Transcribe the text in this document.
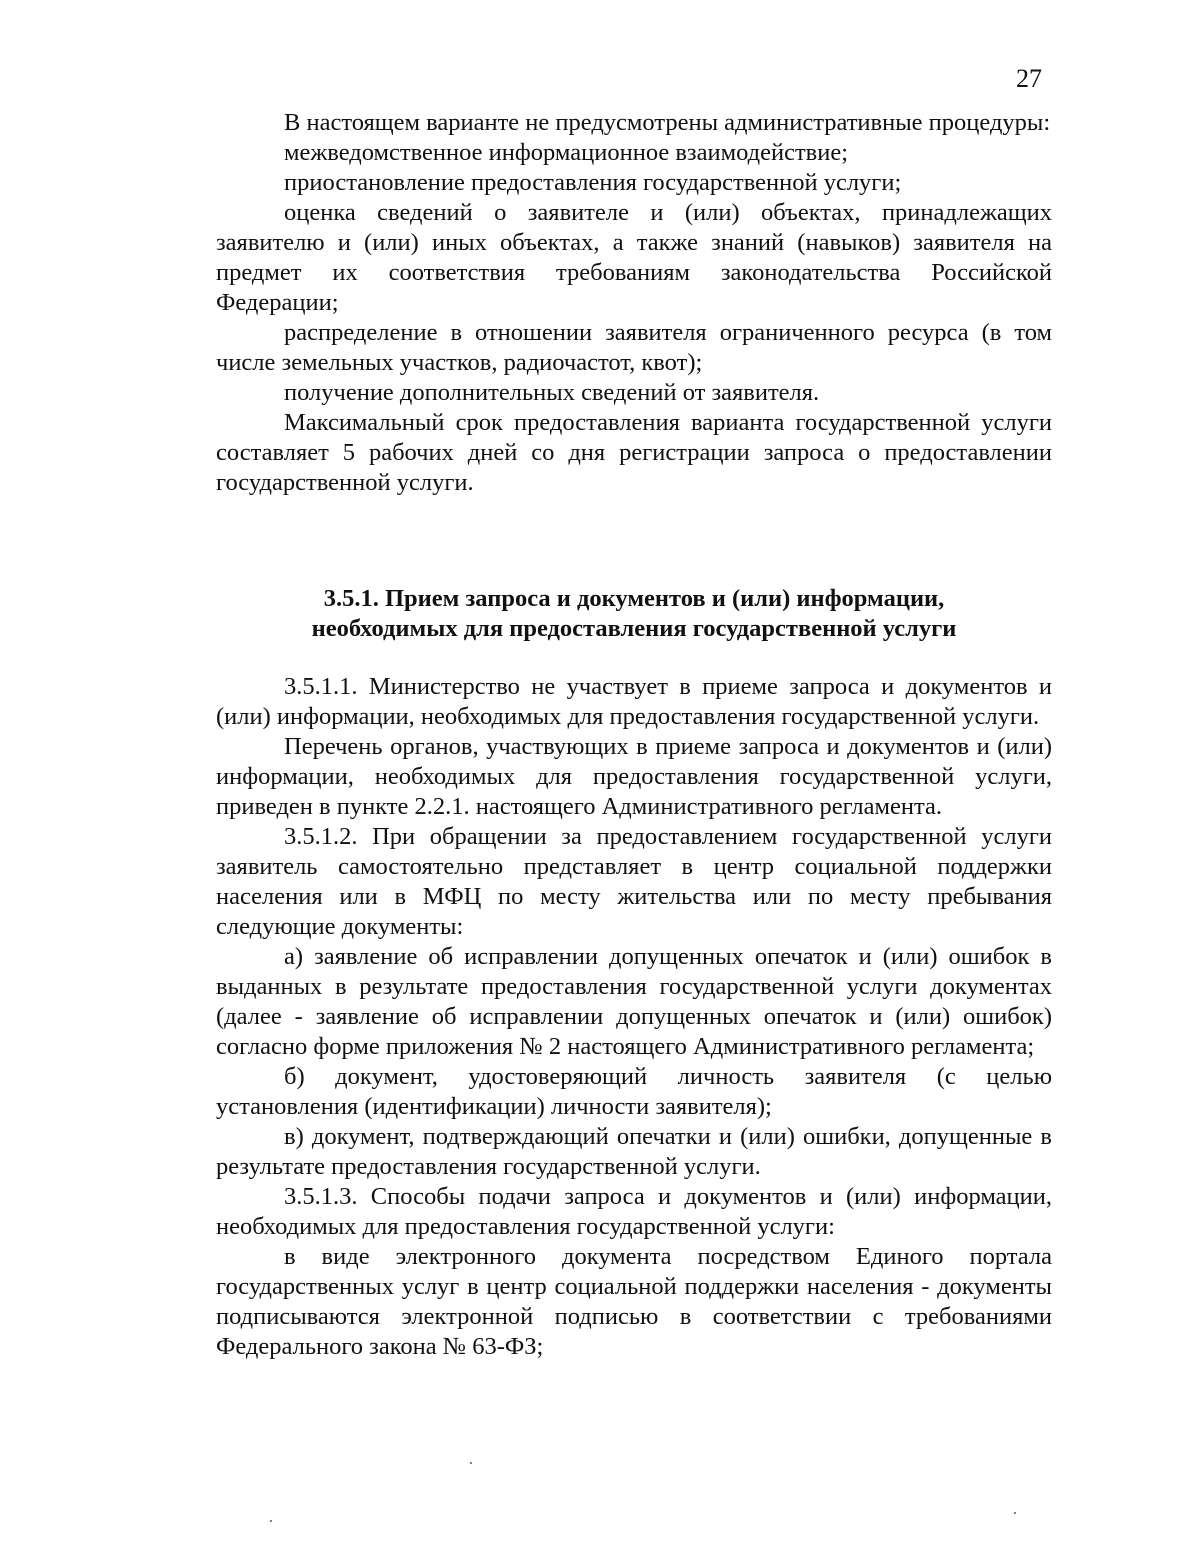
27

В настоящем варианте не предусмотрены административные процедуры:

межведомственное информационное взаимодействие;

приостановление предоставления государственной услуги;

оценка сведений о заявителе и (или) объектах, принадлежащих заявителю и (или) иных объектах, а также знаний (навыков) заявителя на предмет их соответствия требованиям законодательства Российской Федерации;

распределение в отношении заявителя ограниченного ресурса (в том числе земельных участков, радиочастот, квот);

получение дополнительных сведений от заявителя.

Максимальный срок предоставления варианта государственной услуги составляет 5 рабочих дней со дня регистрации запроса о предоставлении государственной услуги.

3.5.1. Прием запроса и документов и (или) информации,
необходимых для предоставления государственной услуги

3.5.1.1. Министерство не участвует в приеме запроса и документов и (или) информации, необходимых для предоставления государственной услуги.

Перечень органов, участвующих в приеме запроса и документов и (или) информации, необходимых для предоставления государственной услуги, приведен в пункте 2.2.1. настоящего Административного регламента.

3.5.1.2. При обращении за предоставлением государственной услуги заявитель самостоятельно представляет в центр социальной поддержки населения или в МФЦ по месту жительства или по месту пребывания следующие документы:

а) заявление об исправлении допущенных опечаток и (или) ошибок в выданных в результате предоставления государственной услуги документах (далее - заявление об исправлении допущенных опечаток и (или) ошибок) согласно форме приложения № 2 настоящего Административного регламента;

б) документ, удостоверяющий личность заявителя (с целью установления (идентификации) личности заявителя);

в) документ, подтверждающий опечатки и (или) ошибки, допущенные в результате предоставления государственной услуги.

3.5.1.3. Способы подачи запроса и документов и (или) информации, необходимых для предоставления государственной услуги:

в виде электронного документа посредством Единого портала государственных услуг в центр социальной поддержки населения - документы подписываются электронной подписью в соответствии с требованиями Федерального закона № 63-ФЗ;
